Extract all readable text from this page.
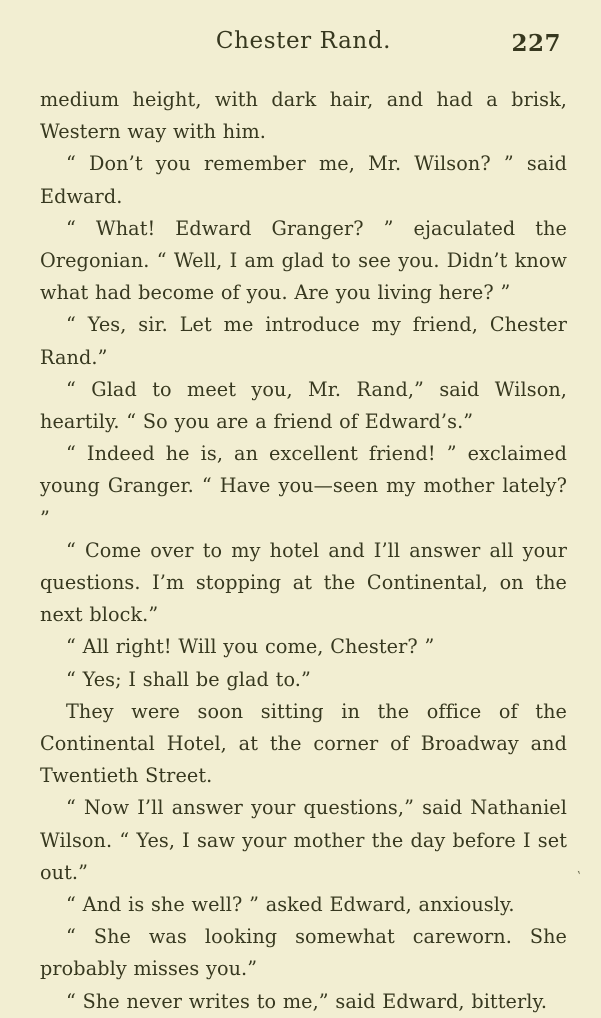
Chester Rand.	227

medium height, with dark hair, and had a brisk, Western way with him.

“ Don’t you remember me, Mr. Wilson? ” said Edward.

“ What! Edward Granger? ” ejaculated the Oregonian. “ Well, I am glad to see you. Didn’t know what had become of you. Are you living here? ”

“ Yes, sir. Let me introduce my friend, Chester Rand.”

“ Glad to meet you, Mr. Rand,” said Wilson, heartily. “ So you are a friend of Edward’s.”

“ Indeed he is, an excellent friend! ” exclaimed young Granger. “ Have you—seen my mother lately? ”

“ Come over to my hotel and I’ll answer all your questions. I’m stopping at the Continental, on the next block.”

“ All right! Will you come, Chester? ”

“ Yes; I shall be glad to.”

They were soon sitting in the office of the Continental Hotel, at the corner of Broadway and Twentieth Street.

“ Now I’ll answer your questions,” said Nathaniel Wilson. “ Yes, I saw your mother the day before I set out.”

“ And is she well? ” asked Edward, anxiously.

“ She was looking somewhat careworn. She probably misses you.”

“ She never writes to me,” said Edward, bitterly.

‵
